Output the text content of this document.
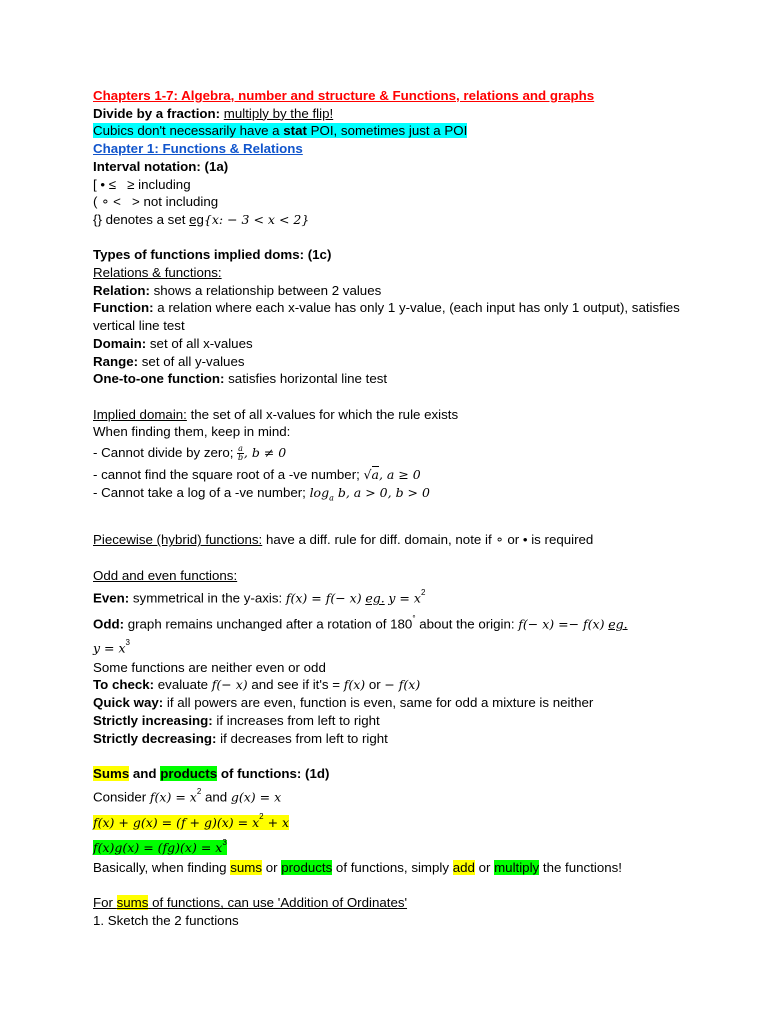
Chapters 1-7: Algebra, number and structure & Functions, relations and graphs
Divide by a fraction: multiply by the flip!
Cubics don't necessarily have a stat POI, sometimes just a POI
Chapter 1: Functions & Relations
Interval notation: (1a)
[ • ≤   ≥ including
( ∘ <   > not including
{} denotes a set eg{x: − 3 < x < 2}
Types of functions implied doms: (1c)
Relations & functions:
Relation: shows a relationship between 2 values
Function: a relation where each x-value has only 1 y-value, (each input has only 1 output), satisfies vertical line test
Domain: set of all x-values
Range: set of all y-values
One-to-one function: satisfies horizontal line test
Implied domain: the set of all x-values for which the rule exists
When finding them, keep in mind:
- Cannot divide by zero; $\frac{a}{b}$ , b ≠ 0
- cannot find the square root of a -ve number; √a, a ≥ 0
- Cannot take a log of a -ve number; $\log_a b$, a > 0, b > 0
Piecewise (hybrid) functions: have a diff. rule for diff. domain, note if ∘ or • is required
Odd and even functions:
Even: symmetrical in the y-axis: f(x) = f(− x) eg. $y = x^2$
Odd: graph remains unchanged after a rotation of 180° about the origin: f(− x) =− f(x) eg.
$y = x^3$
Some functions are neither even or odd
To check: evaluate f(− x) and see if it's = f(x) or − f(x)
Quick way: if all powers are even, function is even, same for odd a mixture is neither
Strictly increasing: if increases from left to right
Strictly decreasing: if decreases from left to right
Sums and products of functions: (1d)
Consider $f(x) = x^2$ and g(x) = x
$f(x) + g(x) = (f + g)(x) = x^2 + x$
$f(x)g(x) = (fg)(x) = x^3$
Basically, when finding sums or products of functions, simply add or multiply the functions!
For sums of functions, can use 'Addition of Ordinates'
1. Sketch the 2 functions
